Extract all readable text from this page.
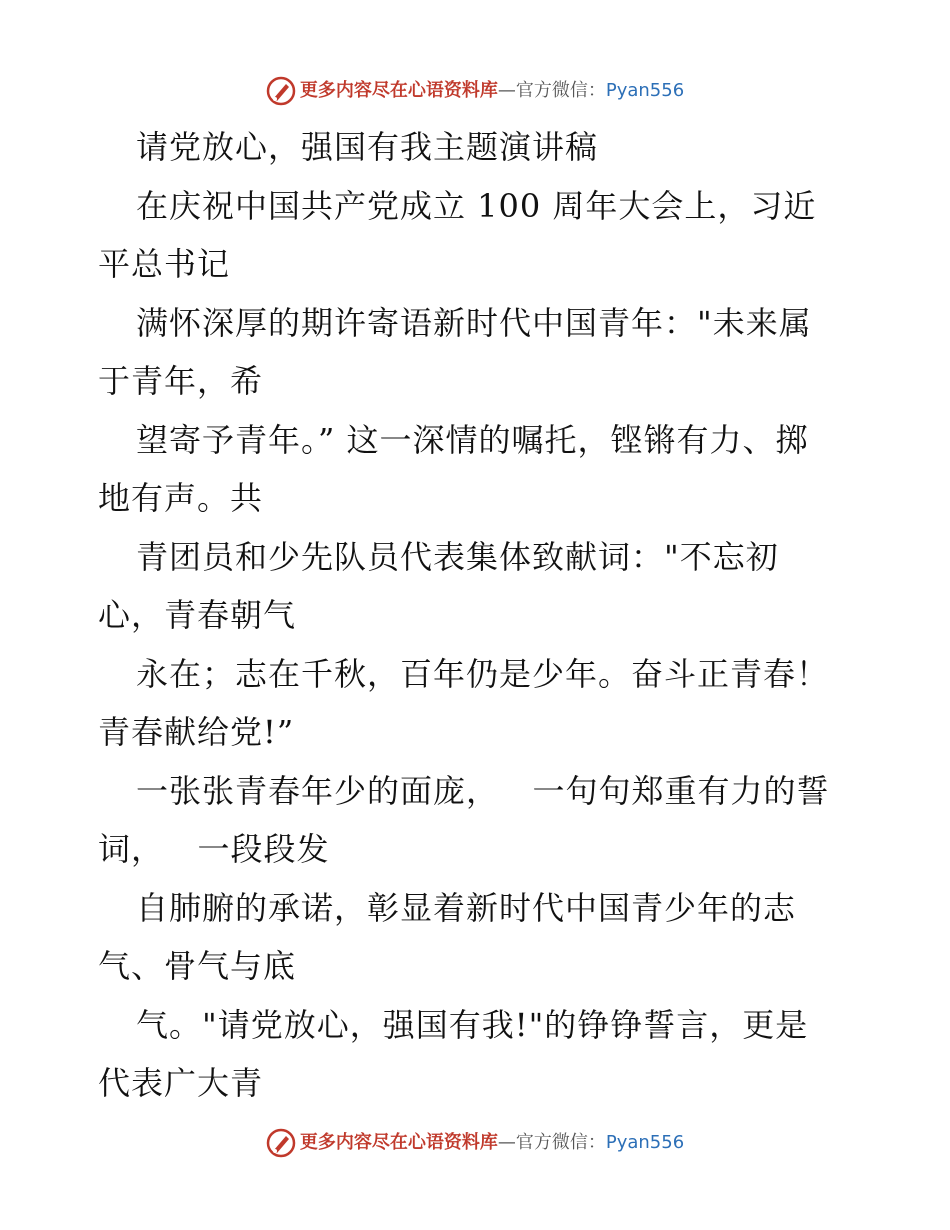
更多内容尽在心语资料库 — 官方微信： Pyan556
请党放心，强国有我主题演讲稿
在庆祝中国共产党成立 100 周年大会上，习近
平总书记
满怀深厚的期许寄语新时代中国青年："未来属
于青年，希
望寄予青年。” 这一深情的嘱托，铿锵有力、掷
地有声。共
青团员和少先队员代表集体致献词："不忘初
心，青春朝气
永在；志在千秋，百年仍是少年。奋斗正青春！
青春献给党!”
一张张青春年少的面庞，   一句句郑重有力的誓
词，   一段段发
自肺腑的承诺，彰显着新时代中国青少年的志
气、骨气与底
气。"请党放心，强国有我!"的铮铮誓言，更是
代表广大青
更多内容尽在心语资料库 — 官方微信： Pyan556
